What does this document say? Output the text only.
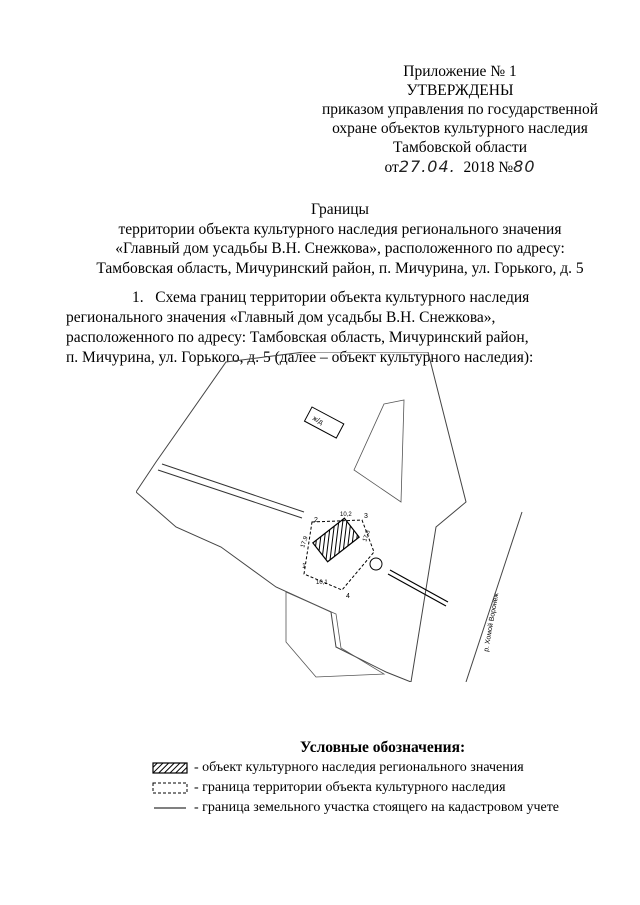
Приложение № 1
УТВЕРЖДЕНЫ
приказом управления по государственной
охране объектов культурного наследия
Тамбовской области
от27.04. 2018 №80
Границы
территории объекта культурного наследия регионального значения
«Главный дом усадьбы В.Н. Снежкова», расположенного по адресу:
Тамбовская область, Мичуринский район, п. Мичурина, ул. Горького, д. 5
1. Схема границ территории объекта культурного наследия
регионального значения «Главный дом усадьбы В.Н. Снежкова»,
расположенного по адресу: Тамбовская область, Мичуринский район,
п. Мичурина, ул. Горького, д. 5 (далее – объект культурного наследия):
ж/д
1
2
3
4
17,9
10,2
17,8
10,1
р. Хомой Воронеж
Условные обозначения:
- объект культурного наследия регионального значения
- граница территории объекта культурного наследия
- граница земельного участка стоящего на кадастровом учете
